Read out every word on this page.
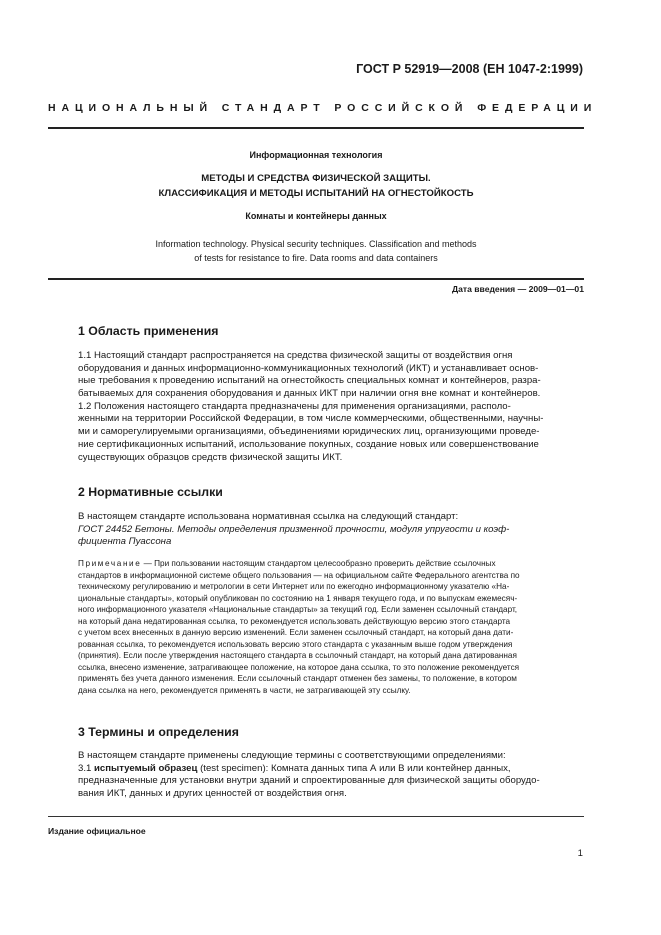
ГОСТ Р 52919—2008 (ЕН 1047-2:1999)
НАЦИОНАЛЬНЫЙ СТАНДАРТ РОССИЙСКОЙ ФЕДЕРАЦИИ
Информационная технология
МЕТОДЫ И СРЕДСТВА ФИЗИЧЕСКОЙ ЗАЩИТЫ.
КЛАССИФИКАЦИЯ И МЕТОДЫ ИСПЫТАНИЙ НА ОГНЕСТОЙКОСТЬ
Комнаты и контейнеры данных
Information technology. Physical security techniques. Classification and methods
of tests for resistance to fire. Data rooms and data containers
Дата введения — 2009—01—01
1 Область применения
1.1 Настоящий стандарт распространяется на средства физической защиты от воздействия огня
оборудования и данных информационно-коммуникационных технологий (ИКТ) и устанавливает основ-
ные требования к проведению испытаний на огнестойкость специальных комнат и контейнеров, разра-
батываемых для сохранения оборудования и данных ИКТ при наличии огня вне комнат и контейнеров.
1.2 Положения настоящего стандарта предназначены для применения организациями, располо-
женными на территории Российской Федерации, в том числе коммерческими, общественными, научны-
ми и саморегулируемыми организациями, объединениями юридических лиц, организующими проведе-
ние сертификационных испытаний, использование покупных, создание новых или совершенствование
существующих образцов средств физической защиты ИКТ.
2 Нормативные ссылки
В настоящем стандарте использована нормативная ссылка на следующий стандарт:
ГОСТ 24452 Бетоны. Методы определения призменной прочности, модуля упругости и коэф-
фициента Пуассона
Примечание — При пользовании настоящим стандартом целесообразно проверить действие ссылочных
стандартов в информационной системе общего пользования — на официальном сайте Федерального агентства по
техническому регулированию и метрологии в сети Интернет или по ежегодно информационному указателю «На-
циональные стандарты», который опубликован по состоянию на 1 января текущего года, и по выпускам ежемесяч-
ного информационного указателя «Национальные стандарты» за текущий год. Если заменен ссылочный стандарт,
на который дана недатированная ссылка, то рекомендуется использовать действующую версию этого стандарта
с учетом всех внесенных в данную версию изменений. Если заменен ссылочный стандарт, на который дана дати-
рованная ссылка, то рекомендуется использовать версию этого стандарта с указанным выше годом утверждения
(принятия). Если после утверждения настоящего стандарта в ссылочный стандарт, на который дана датированная
ссылка, внесено изменение, затрагивающее положение, на которое дана ссылка, то это положение рекомендуется
применять без учета данного изменения. Если ссылочный стандарт отменен без замены, то положение, в котором
дана ссылка на него, рекомендуется применять в части, не затрагивающей эту ссылку.
3 Термины и определения
В настоящем стандарте применены следующие термины с соответствующими определениями:
3.1 испытуемый образец (test specimen): Комната данных типа А или В или контейнер данных,
предназначенные для установки внутри зданий и спроектированные для физической защиты оборудо-
вания ИКТ, данных и других ценностей от воздействия огня.
Издание официальное
1
